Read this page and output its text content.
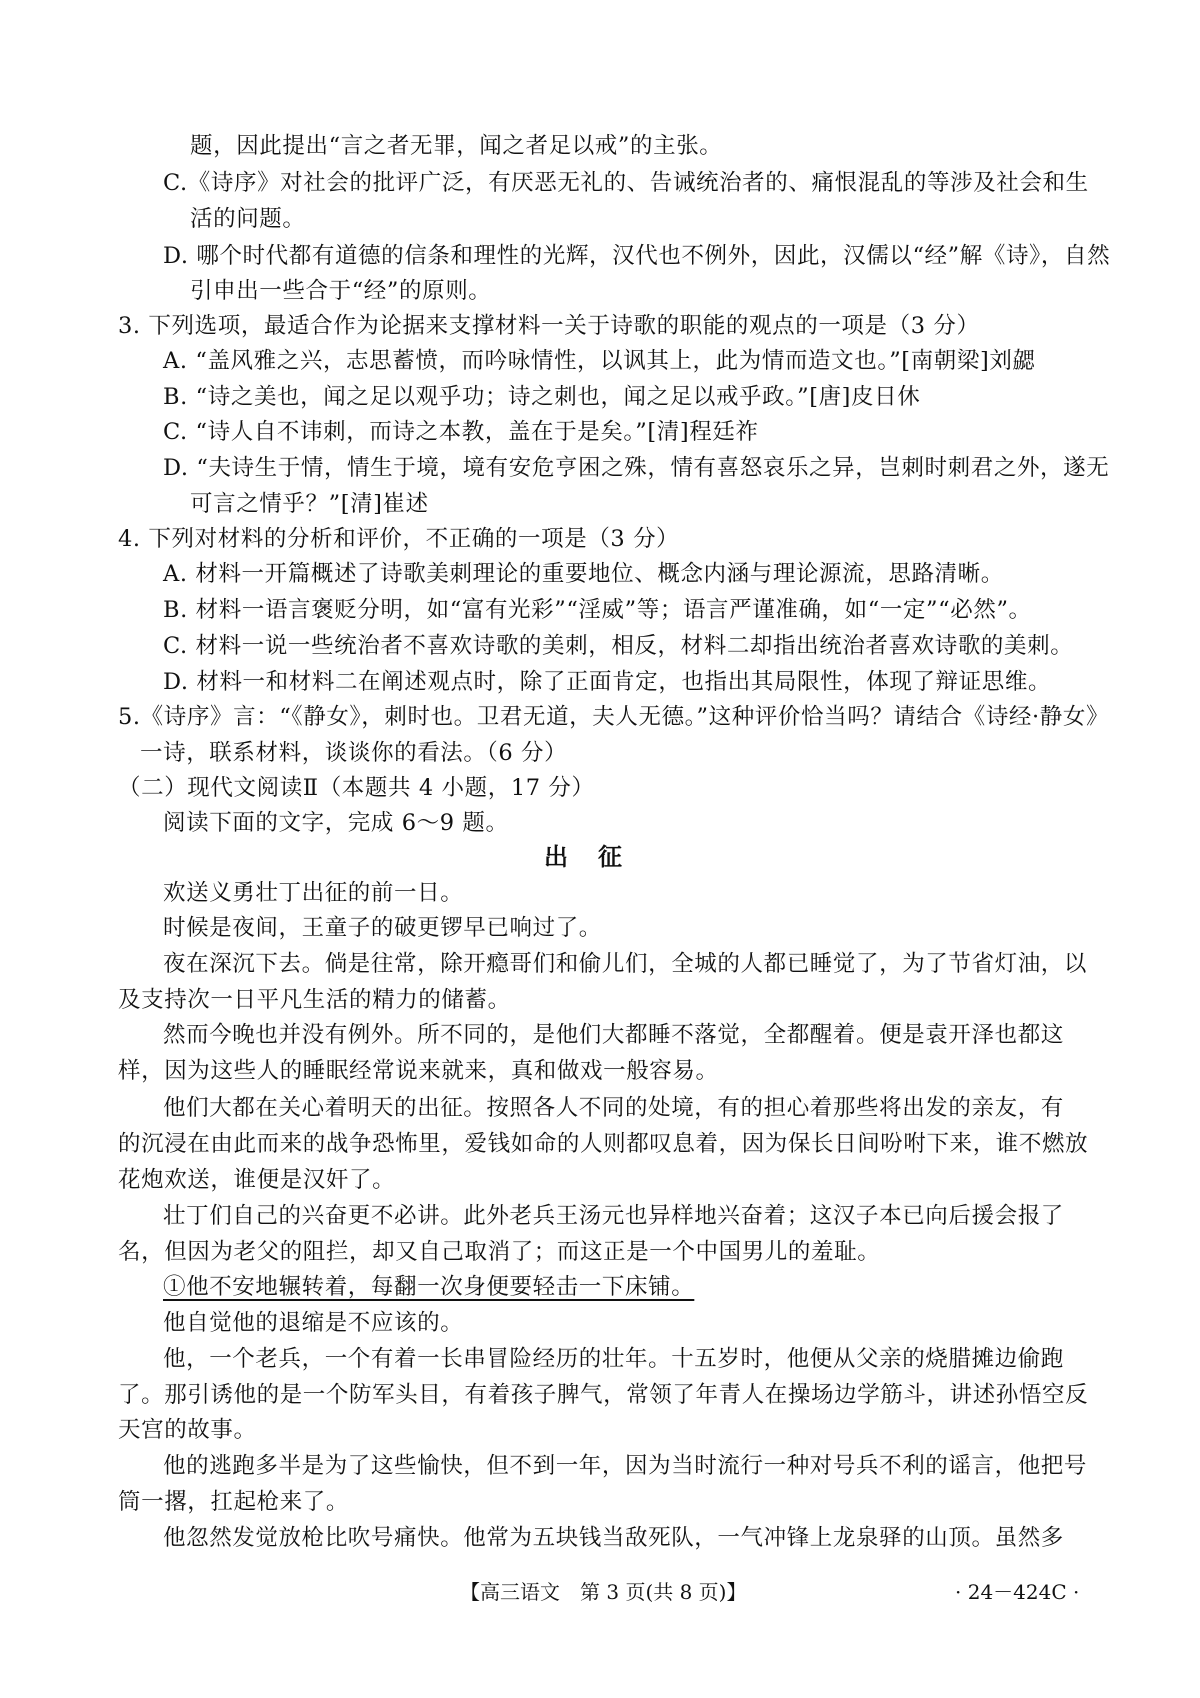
题，因此提出“言之者无罪，闻之者足以戒”的主张。
C.《诗序》对社会的批评广泛，有厌恶无礼的、告诫统治者的、痛恨混乱的等涉及社会和生
活的问题。
D. 哪个时代都有道德的信条和理性的光辉，汉代也不例外，因此，汉儒以“经”解《诗》，自然
引申出一些合于“经”的原则。
3. 下列选项，最适合作为论据来支撑材料一关于诗歌的职能的观点的一项是（3 分）
A. “盖风雅之兴，志思蓄愤，而吟咏情性，以讽其上，此为情而造文也。”[南朝梁]刘勰
B. “诗之美也，闻之足以观乎功；诗之刺也，闻之足以戒乎政。”[唐]皮日休
C. “诗人自不讳刺，而诗之本教，盖在于是矣。”[清]程廷祚
D. “夫诗生于情，情生于境，境有安危亨困之殊，情有喜怒哀乐之异，岂刺时刺君之外，遂无
可言之情乎？”[清]崔述
4. 下列对材料的分析和评价，不正确的一项是（3 分）
A. 材料一开篇概述了诗歌美刺理论的重要地位、概念内涵与理论源流，思路清晰。
B. 材料一语言褒贬分明，如“富有光彩”“淫威”等；语言严谨准确，如“一定”“必然”。
C. 材料一说一些统治者不喜欢诗歌的美刺，相反，材料二却指出统治者喜欢诗歌的美刺。
D. 材料一和材料二在阐述观点时，除了正面肯定，也指出其局限性，体现了辩证思维。
5.《诗序》言：“《静女》，刺时也。卫君无道，夫人无德。”这种评价恰当吗？请结合《诗经·静女》
一诗，联系材料，谈谈你的看法。（6 分）
（二）现代文阅读Ⅱ（本题共 4 小题，17 分）
阅读下面的文字，完成 6～9 题。
出征
欢送义勇壮丁出征的前一日。
时候是夜间，王童子的破更锣早已响过了。
夜在深沉下去。倘是往常，除开瘾哥们和偷儿们，全城的人都已睡觉了，为了节省灯油，以
及支持次一日平凡生活的精力的储蓄。
然而今晚也并没有例外。所不同的，是他们大都睡不落觉，全都醒着。便是袁开泽也都这
样，因为这些人的睡眠经常说来就来，真和做戏一般容易。
他们大都在关心着明天的出征。按照各人不同的处境，有的担心着那些将出发的亲友，有
的沉浸在由此而来的战争恐怖里，爱钱如命的人则都叹息着，因为保长日间吩咐下来，谁不燃放
花炮欢送，谁便是汉奸了。
壮丁们自己的兴奋更不必讲。此外老兵王汤元也异样地兴奋着；这汉子本已向后援会报了
名，但因为老父的阻拦，却又自己取消了；而这正是一个中国男儿的羞耻。
①他不安地辗转着，每翻一次身便要轻击一下床铺。
他自觉他的退缩是不应该的。
他，一个老兵，一个有着一长串冒险经历的壮年。十五岁时，他便从父亲的烧腊摊边偷跑
了。那引诱他的是一个防军头目，有着孩子脾气，常领了年青人在操场边学筋斗，讲述孙悟空反
天宫的故事。
他的逃跑多半是为了这些愉快，但不到一年，因为当时流行一种对号兵不利的谣言，他把号
筒一撂，扛起枪来了。
他忽然发觉放枪比吹号痛快。他常为五块钱当敌死队，一气冲锋上龙泉驿的山顶。虽然多
【高三语文　第 3 页(共 8 页)】	· 24－424C ·
